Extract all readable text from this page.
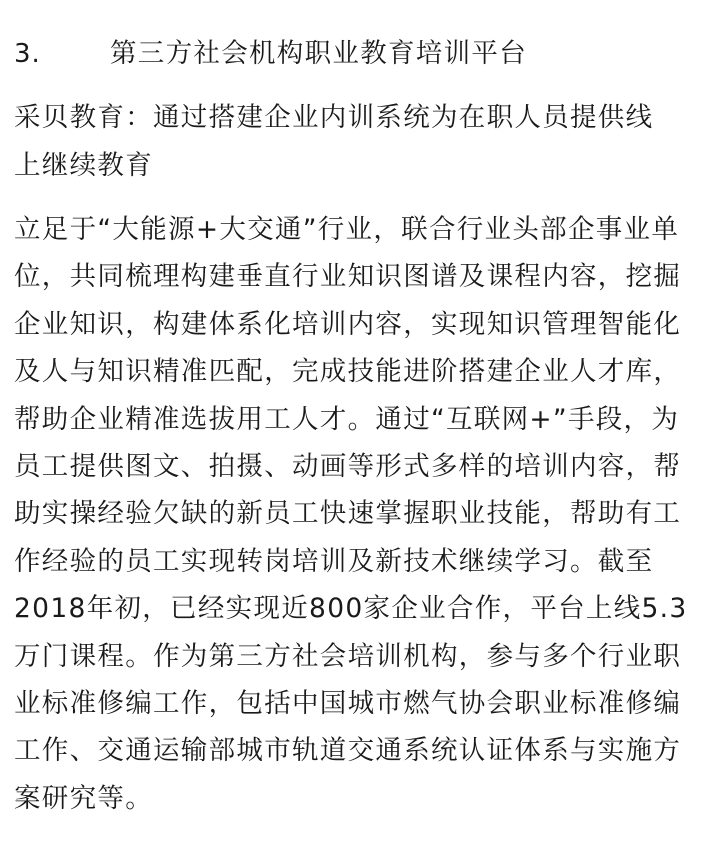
3.	第三方社会机构职业教育培训平台
采贝教育：通过搭建企业内训系统为在职人员提供线
上继续教育
立足于“大能源+大交通”行业，联合行业头部企事业单
位，共同梳理构建垂直行业知识图谱及课程内容，挖掘
企业知识，构建体系化培训内容，实现知识管理智能化
及人与知识精准匹配，完成技能进阶搭建企业人才库，
帮助企业精准选拔用工人才。通过“互联网+”手段，为
员工提供图文、拍摄、动画等形式多样的培训内容，帮
助实操经验欠缺的新员工快速掌握职业技能，帮助有工
作经验的员工实现转岗培训及新技术继续学习。截至
2018年初，已经实现近800家企业合作，平台上线5.3
万门课程。作为第三方社会培训机构，参与多个行业职
业标准修编工作，包括中国城市燃气协会职业标准修编
工作、交通运输部城市轨道交通系统认证体系与实施方
案研究等。
